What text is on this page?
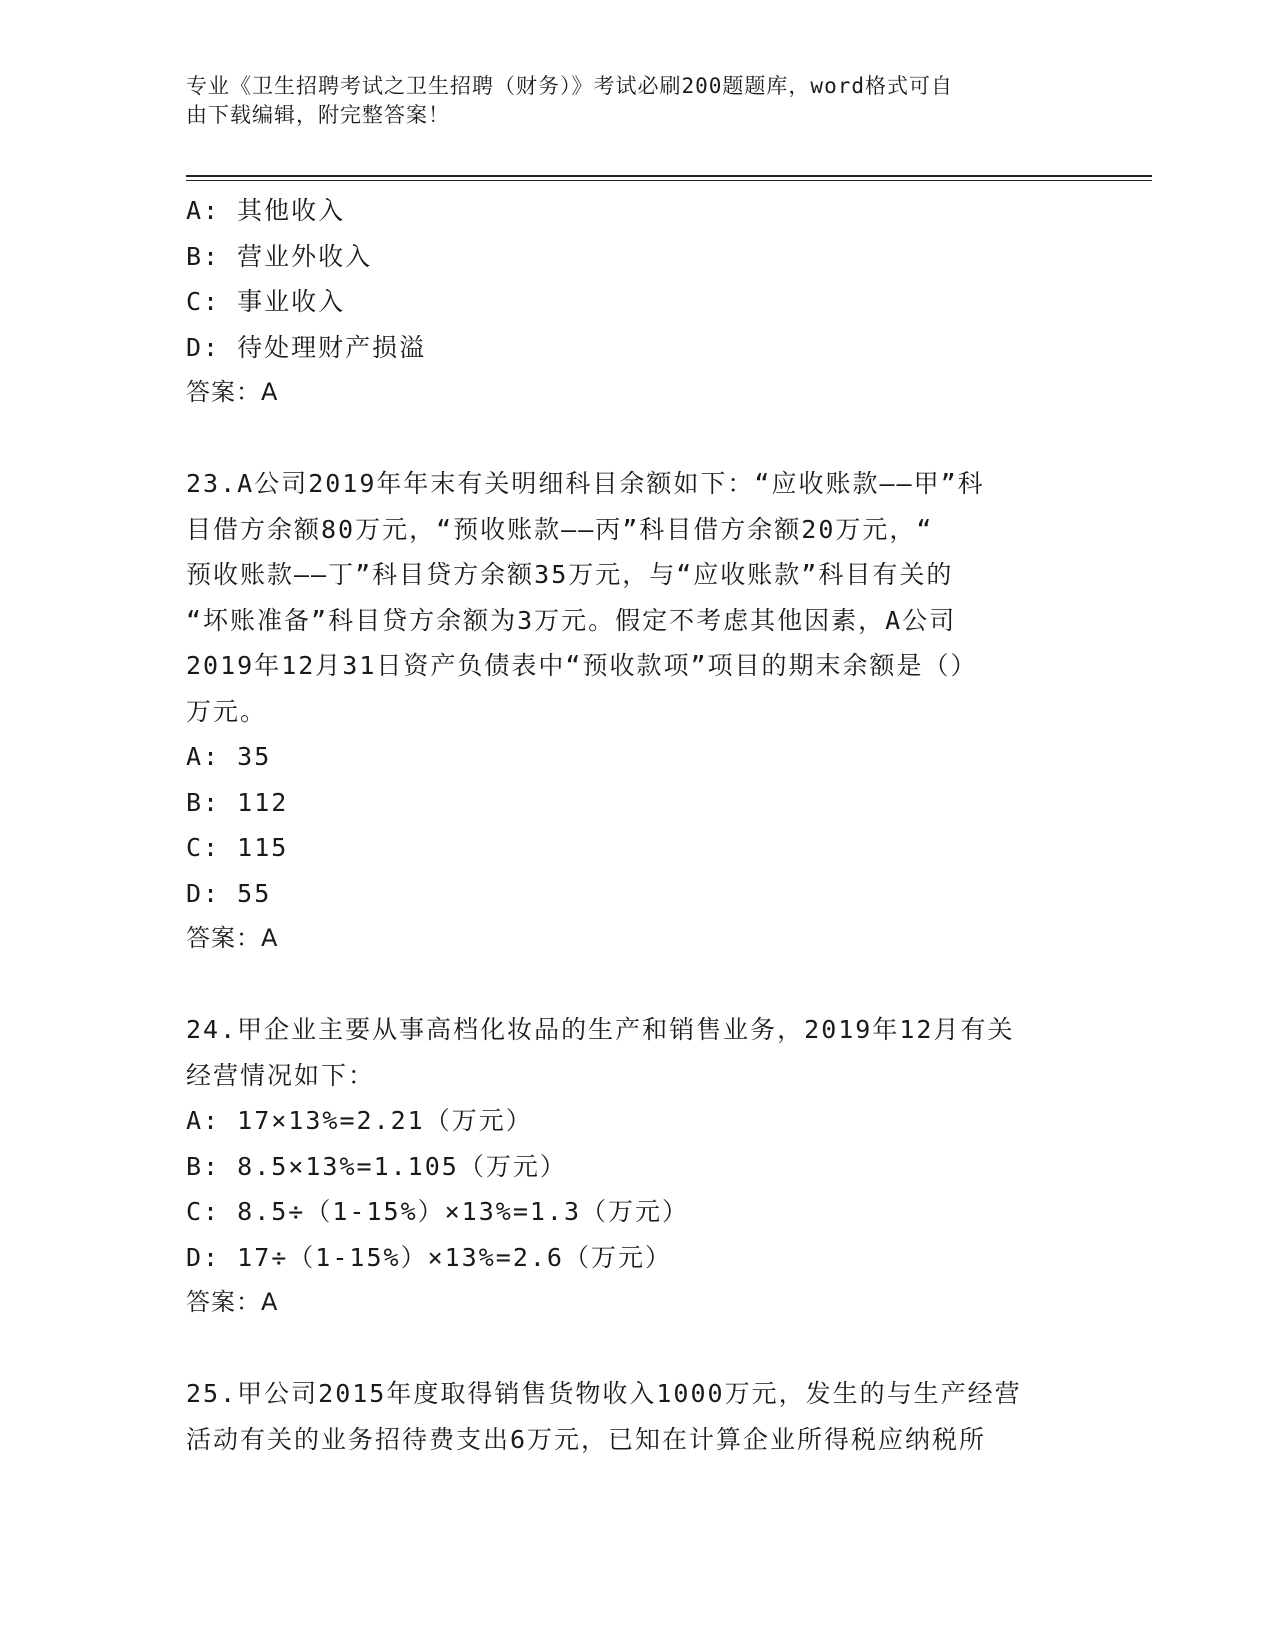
专业《卫生招聘考试之卫生招聘（财务）》考试必刷200题题库，word格式可自
由下载编辑，附完整答案！
A: 其他收入
B: 营业外收入
C: 事业收入
D: 待处理财产损溢
答案：A
23.A公司2019年年末有关明细科目余额如下：“应收账款——甲”科
目借方余额80万元，“预收账款——丙”科目借方余额20万元，“
预收账款——丁”科目贷方余额35万元，与“应收账款”科目有关的
“坏账准备”科目贷方余额为3万元。假定不考虑其他因素，A公司
2019年12月31日资产负债表中“预收款项”项目的期末余额是（）
万元。
A: 35
B: 112
C: 115
D: 55
答案：A
24.甲企业主要从事高档化妆品的生产和销售业务，2019年12月有关
经营情况如下：
A: 17×13%=2.21（万元）
B: 8.5×13%=1.105（万元）
C: 8.5÷（1-15%）×13%=1.3（万元）
D: 17÷（1-15%）×13%=2.6（万元）
答案：A
25.甲公司2015年度取得销售货物收入1000万元，发生的与生产经营
活动有关的业务招待费支出6万元，已知在计算企业所得税应纳税所
